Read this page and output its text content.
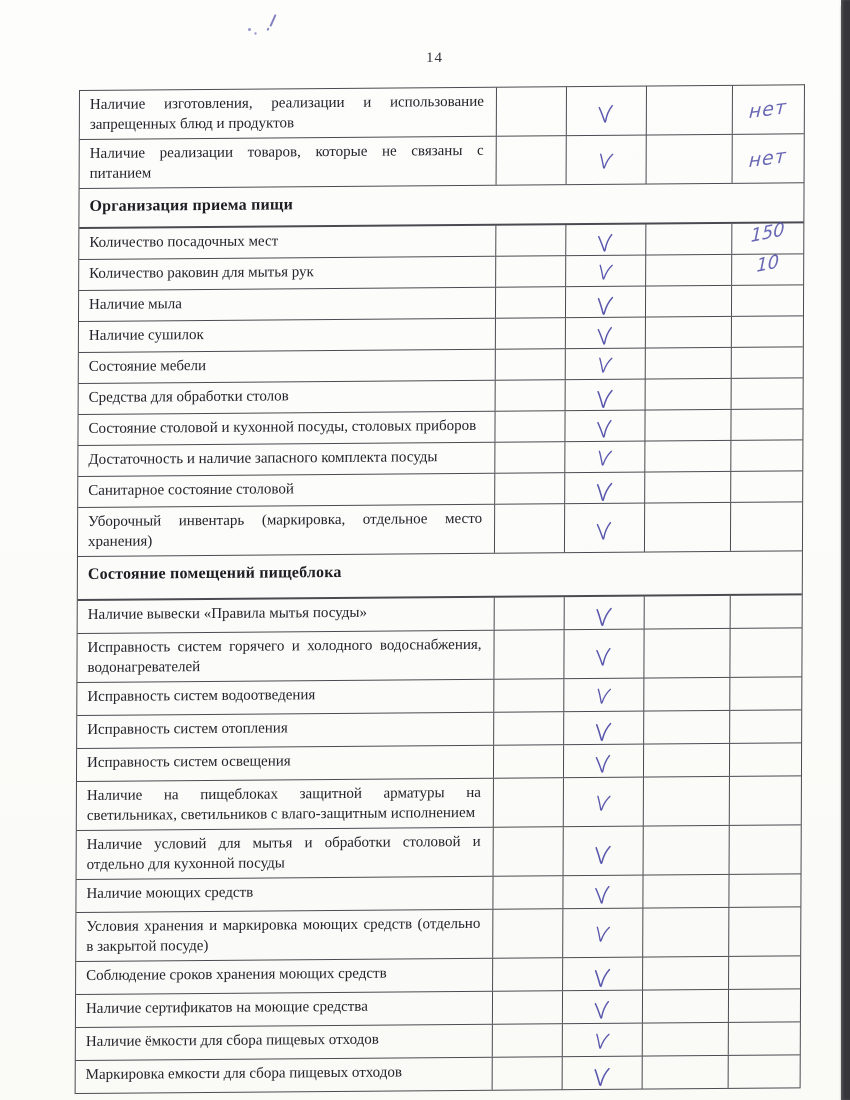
14
Наличие изготовления, реализации и использование запрещенных блюд и продуктов
нет
Наличие реализации товаров, которые не связаны с питанием
нет
Организация приема пищи
Количество посадочных мест	150
Количество раковин для мытья рук	10
Наличие мыла
Наличие сушилок
Состояние мебели
Средства для обработки столов
Состояние столовой и кухонной посуды, столовых приборов
Достаточность и наличие запасного комплекта посуды
Санитарное состояние столовой
Уборочный инвентарь (маркировка, отдельное место хранения)
Состояние помещений пищеблока
Наличие вывески «Правила мытья посуды»
Исправность систем горячего и холодного водоснабжения, водонагревателей
Исправность систем водоотведения
Исправность систем отопления
Исправность систем освещения
Наличие на пищеблоках защитной арматуры на светильниках, светильников с влаго-защитным исполнением
Наличие условий для мытья и обработки столовой и отдельно для кухонной посуды
Наличие моющих средств
Условия хранения и маркировка моющих средств (отдельно в закрытой посуде)
Соблюдение сроков хранения моющих средств
Наличие сертификатов на моющие средства
Наличие ёмкости для сбора пищевых отходов
Маркировка емкости для сбора пищевых отходов
